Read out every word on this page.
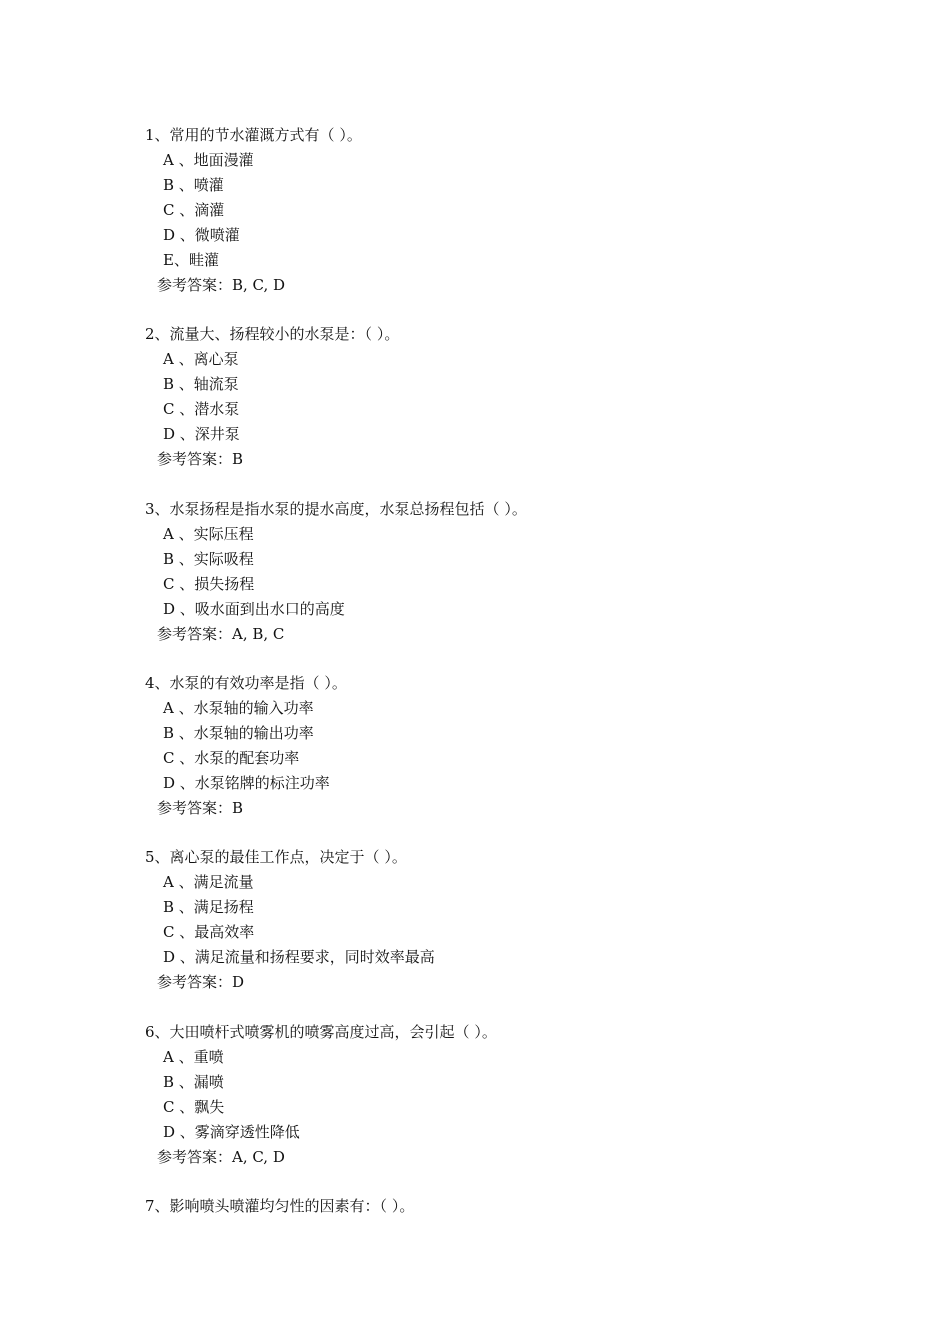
1、常用的节水灌溉方式有（ ）。
A 、地面漫灌
B 、喷灌
C 、滴灌
D 、微喷灌
E、畦灌
参考答案：B, C, D
2、流量大、扬程较小的水泵是：（ ）。
A 、离心泵
B 、轴流泵
C 、潜水泵
D 、深井泵
参考答案：B
3、水泵扬程是指水泵的提水高度，水泵总扬程包括（ ）。
A 、实际压程
B 、实际吸程
C 、损失扬程
D 、吸水面到出水口的高度
参考答案：A, B, C
4、水泵的有效功率是指（ ）。
A 、水泵轴的输入功率
B 、水泵轴的输出功率
C 、水泵的配套功率
D 、水泵铭牌的标注功率
参考答案：B
5、离心泵的最佳工作点，决定于（ ）。
A 、满足流量
B 、满足扬程
C 、最高效率
D 、满足流量和扬程要求，同时效率最高
参考答案：D
6、大田喷杆式喷雾机的喷雾高度过高，会引起（ ）。
A 、重喷
B 、漏喷
C 、飘失
D 、雾滴穿透性降低
参考答案：A, C, D
7、影响喷头喷灌均匀性的因素有：（ ）。
